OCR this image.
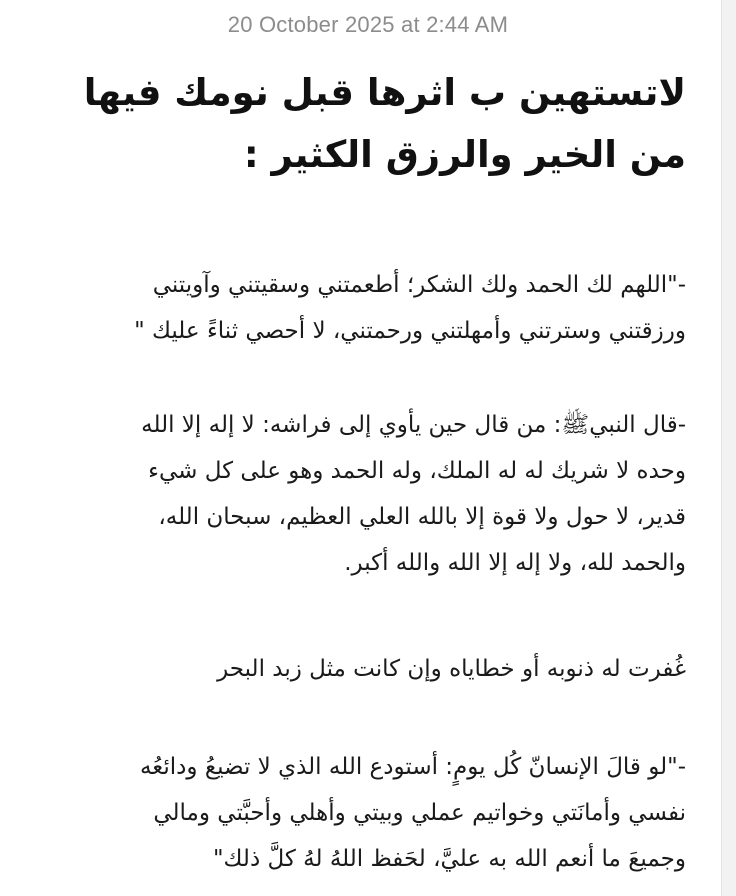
20 October 2025 at 2:44 AM
لاتستهين ب اثرها قبل نومك فيها
من الخير والرزق الكثير :
-"اللهم لك الحمد ولك الشكر؛ أطعمتني وسقيتني وآويتني
ورزقتني وسترتني وأمهلتني ورحمتني، لا أحصي ثناءً عليك "
-قال النبيﷺ: من قال حين يأوي إلى فراشه: لا إله إلا الله
وحده لا شريك له له الملك، وله الحمد وهو على كل شيء
قدير، لا حول ولا قوة إلا بالله العلي العظيم، سبحان الله،
والحمد لله، ولا إله إلا الله والله أكبر.
غُفرت له ذنوبه أو خطاياه وإن كانت مثل زبد البحر
-"لو قالَ الإنسانّ كُل يومٍ: أستودع الله الذي لا تضيعُ ودائعُه
نفسي وأمانَتي وخواتيم عملي وبيتي وأهلي وأحبَّتي ومالي
وجميعَ ما أنعم الله به عليَّ، لحَفظ اللهُ لهُ كلَّ ذلك"
